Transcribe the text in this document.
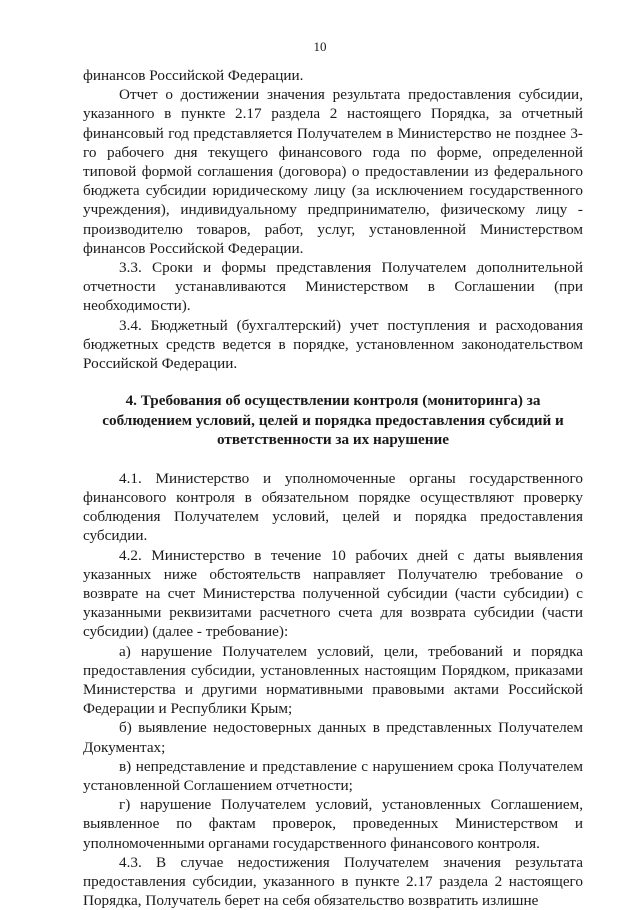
10

финансов Российской Федерации.

Отчет о достижении значения результата предоставления субсидии, указанного в пункте 2.17 раздела 2 настоящего Порядка, за отчетный финансовый год представляется Получателем в Министерство не позднее 3-го рабочего дня текущего финансового года по форме, определенной типовой формой соглашения (договора) о предоставлении из федерального бюджета субсидии юридическому лицу (за исключением государственного учреждения), индивидуальному предпринимателю, физическому лицу - производителю товаров, работ, услуг, установленной Министерством финансов Российской Федерации.

3.3. Сроки и формы представления Получателем дополнительной отчетности устанавливаются Министерством в Соглашении (при необходимости).

3.4. Бюджетный (бухгалтерский) учет поступления и расходования бюджетных средств ведется в порядке, установленном законодательством Российской Федерации.

4. Требования об осуществлении контроля (мониторинга) за соблюдением условий, целей и порядка предоставления субсидий и ответственности за их нарушение

4.1. Министерство и уполномоченные органы государственного финансового контроля в обязательном порядке осуществляют проверку соблюдения Получателем условий, целей и порядка предоставления субсидии.

4.2. Министерство в течение 10 рабочих дней с даты выявления указанных ниже обстоятельств направляет Получателю требование о возврате на счет Министерства полученной субсидии (части субсидии) с указанными реквизитами расчетного счета для возврата субсидии (части субсидии) (далее - требование):

а) нарушение Получателем условий, цели, требований и порядка предоставления субсидии, установленных настоящим Порядком, приказами Министерства и другими нормативными правовыми актами Российской Федерации и Республики Крым;

б) выявление недостоверных данных в представленных Получателем Документах;

в) непредставление и представление с нарушением срока Получателем установленной Соглашением отчетности;

г) нарушение Получателем условий, установленных Соглашением, выявленное по фактам проверок, проведенных Министерством и уполномоченными органами государственного финансового контроля.

4.3. В случае недостижения Получателем значения результата предоставления субсидии, указанного в пункте 2.17 раздела 2 настоящего Порядка, Получатель берет на себя обязательство возвратить излишне
